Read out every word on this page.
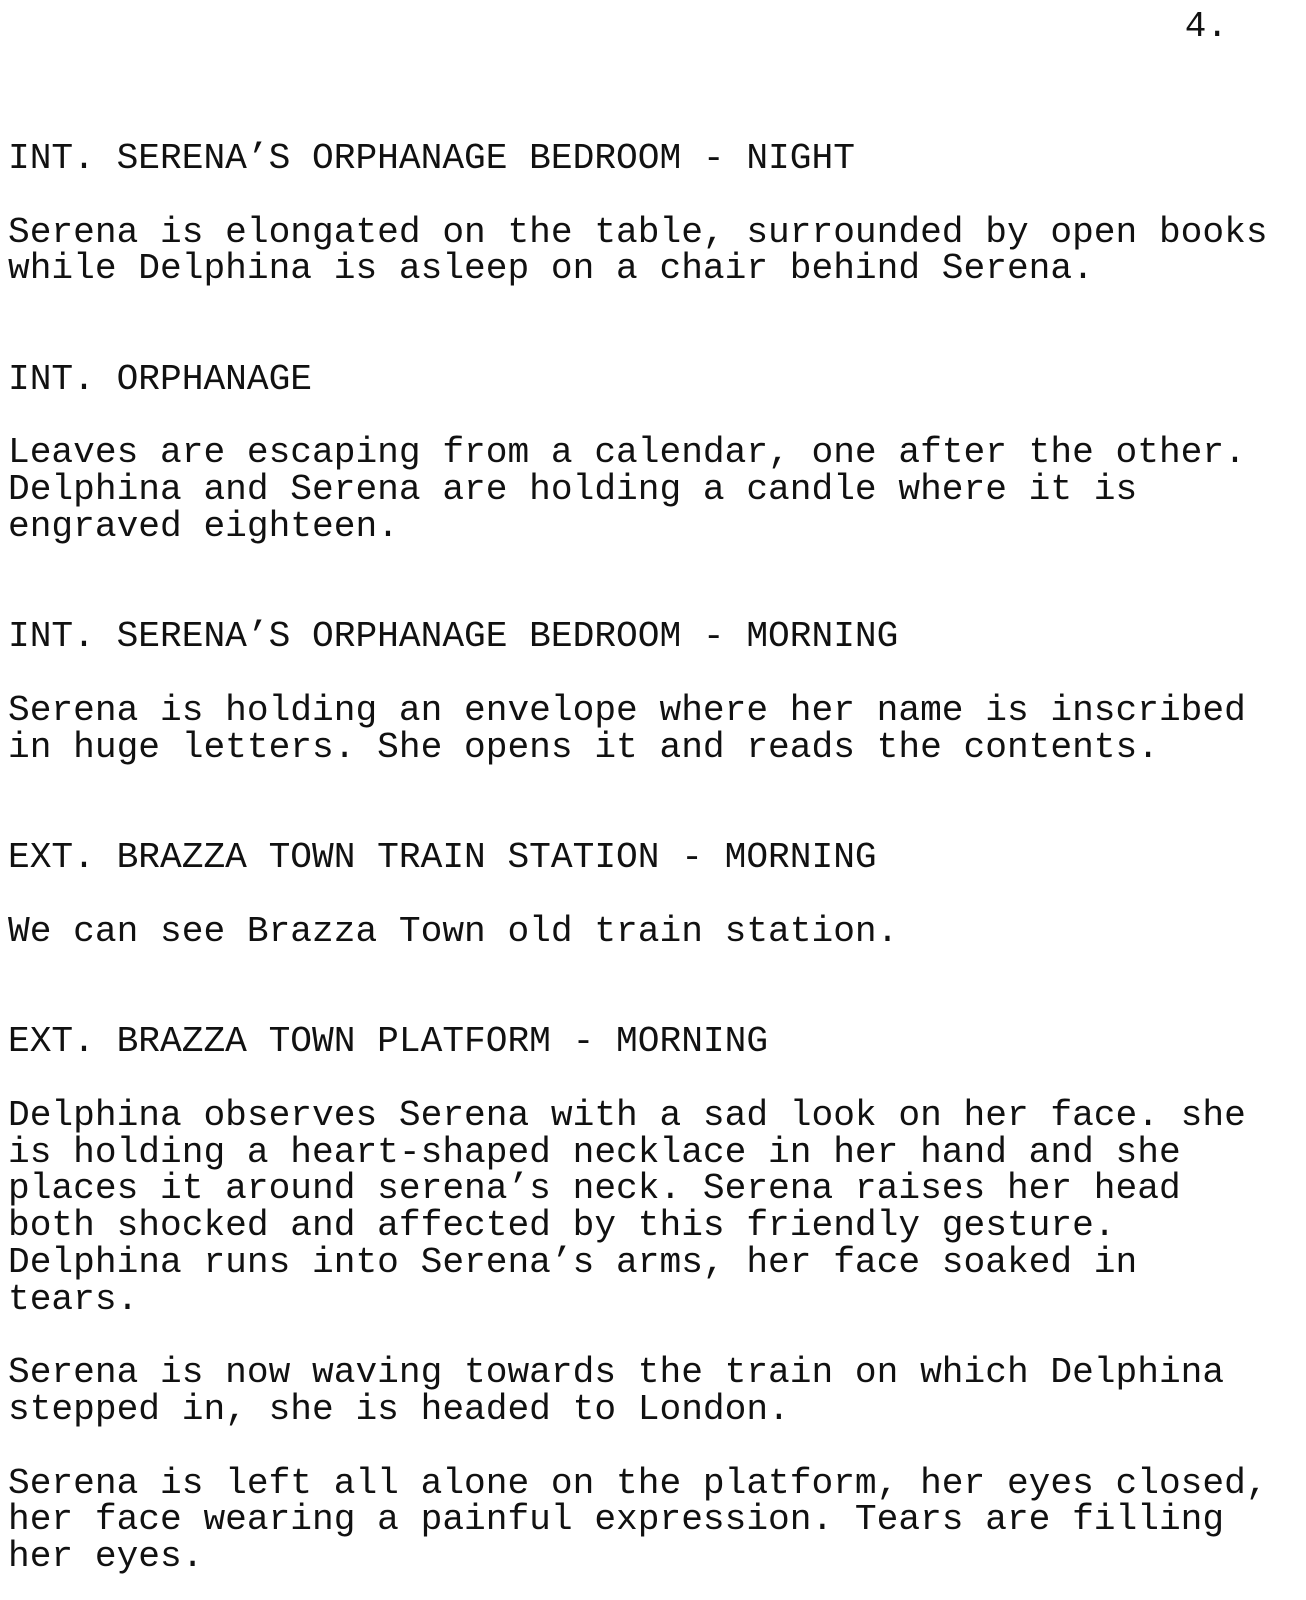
4.

INT. SERENA’S ORPHANAGE BEDROOM - NIGHT

Serena is elongated on the table, surrounded by open books

while Delphina is asleep on a chair behind Serena.

INT. ORPHANAGE

Leaves are escaping from a calendar, one after the other.

Delphina and Serena are holding a candle where it is

engraved eighteen.

INT. SERENA’S ORPHANAGE BEDROOM - MORNING

Serena is holding an envelope where her name is inscribed

in huge letters. She opens it and reads the contents.

EXT. BRAZZA TOWN TRAIN STATION - MORNING

We can see Brazza Town old train station.

EXT. BRAZZA TOWN PLATFORM - MORNING

Delphina observes Serena with a sad look on her face. she

is holding a heart-shaped necklace in her hand and she

places it around serena’s neck. Serena raises her head

both shocked and affected by this friendly gesture.

Delphina runs into Serena’s arms, her face soaked in

tears.

Serena is now waving towards the train on which Delphina

stepped in, she is headed to London.

Serena is left all alone on the platform, her eyes closed,

her face wearing a painful expression. Tears are filling

her eyes.
